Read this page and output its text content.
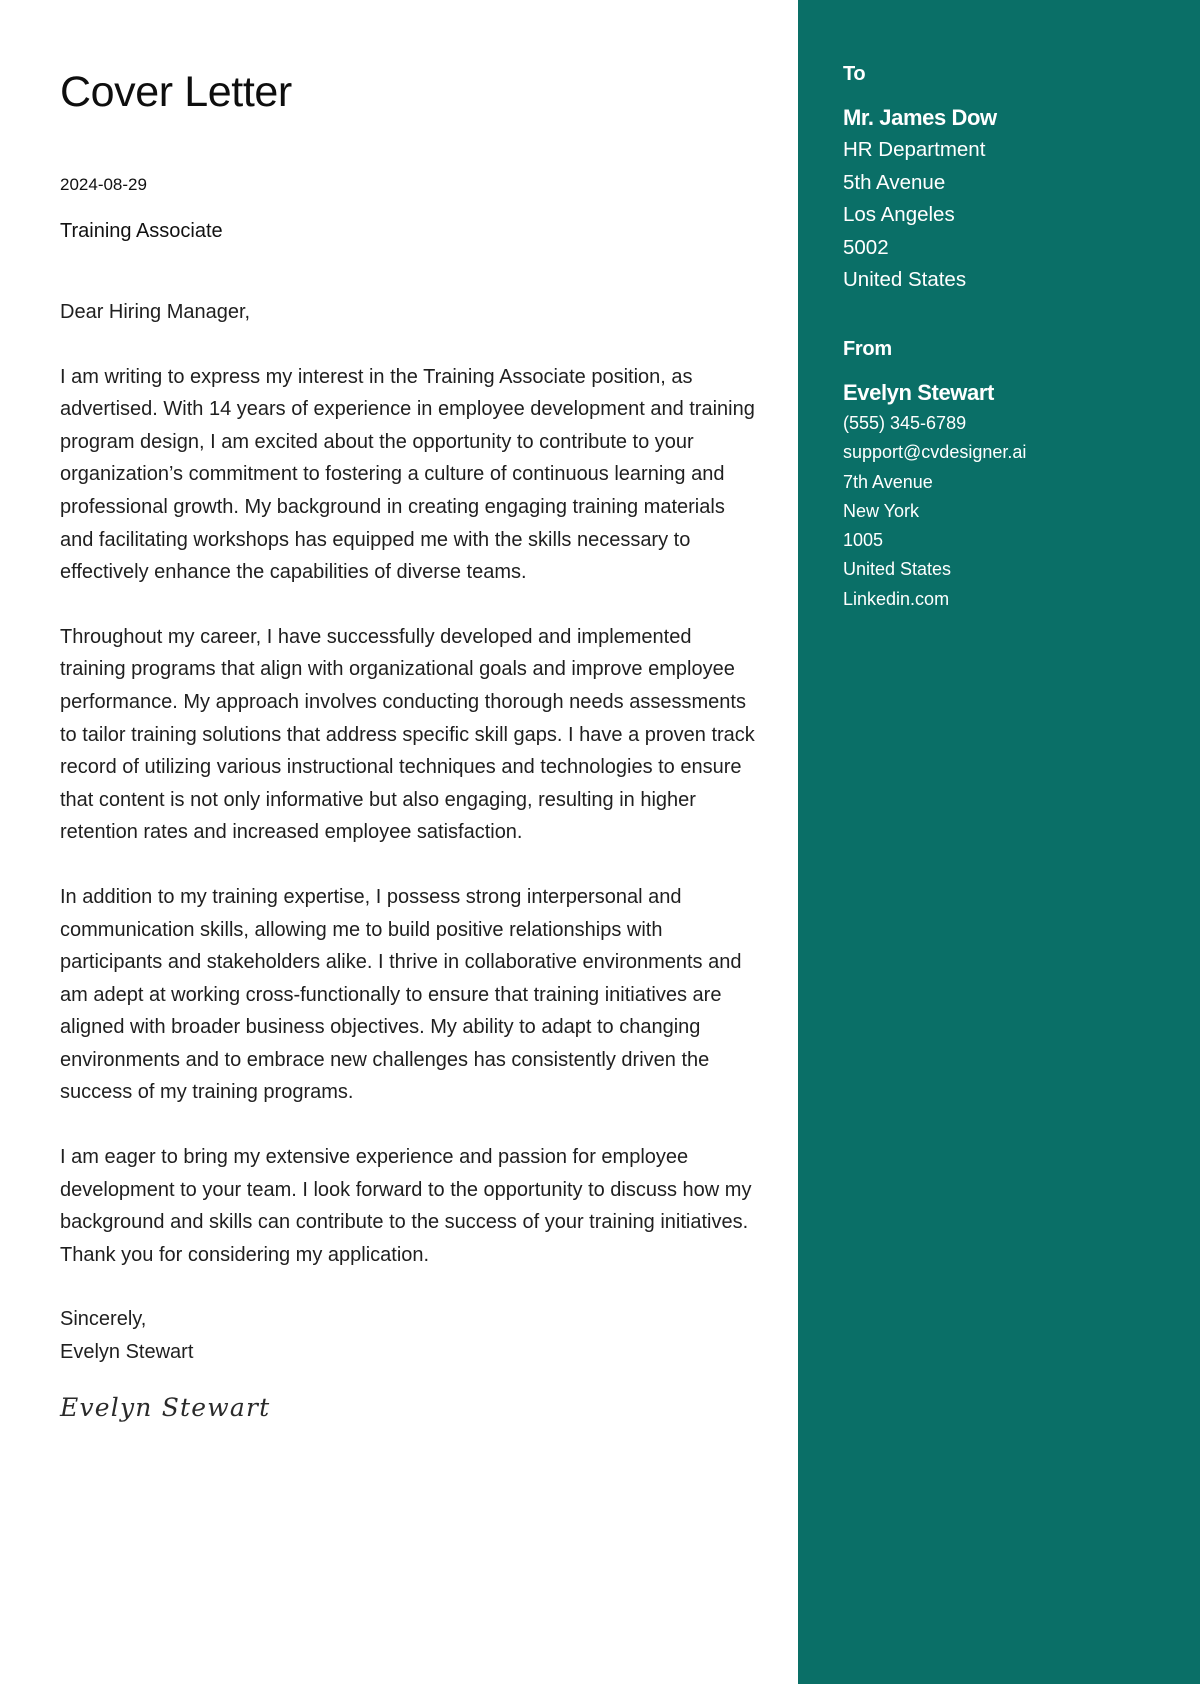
Cover Letter
2024-08-29
Training Associate

Dear Hiring Manager,

I am writing to express my interest in the Training Associate position, as advertised. With 14 years of experience in employee development and training program design, I am excited about the opportunity to contribute to your organization’s commitment to fostering a culture of continuous learning and professional growth. My background in creating engaging training materials and facilitating workshops has equipped me with the skills necessary to effectively enhance the capabilities of diverse teams.

Throughout my career, I have successfully developed and implemented training programs that align with organizational goals and improve employee performance. My approach involves conducting thorough needs assessments to tailor training solutions that address specific skill gaps. I have a proven track record of utilizing various instructional techniques and technologies to ensure that content is not only informative but also engaging, resulting in higher retention rates and increased employee satisfaction.

In addition to my training expertise, I possess strong interpersonal and communication skills, allowing me to build positive relationships with participants and stakeholders alike. I thrive in collaborative environments and am adept at working cross-functionally to ensure that training initiatives are aligned with broader business objectives. My ability to adapt to changing environments and to embrace new challenges has consistently driven the success of my training programs.

I am eager to bring my extensive experience and passion for employee development to your team. I look forward to the opportunity to discuss how my background and skills can contribute to the success of your training initiatives. Thank you for considering my application.

Sincerely,

Evelyn Stewart

Evelyn Stewart
To
Mr. James Dow
HR Department
5th Avenue
Los Angeles
5002
United States
From
Evelyn Stewart
(555) 345-6789
support@cvdesigner.ai
7th Avenue
New York
1005
United States
Linkedin.com
